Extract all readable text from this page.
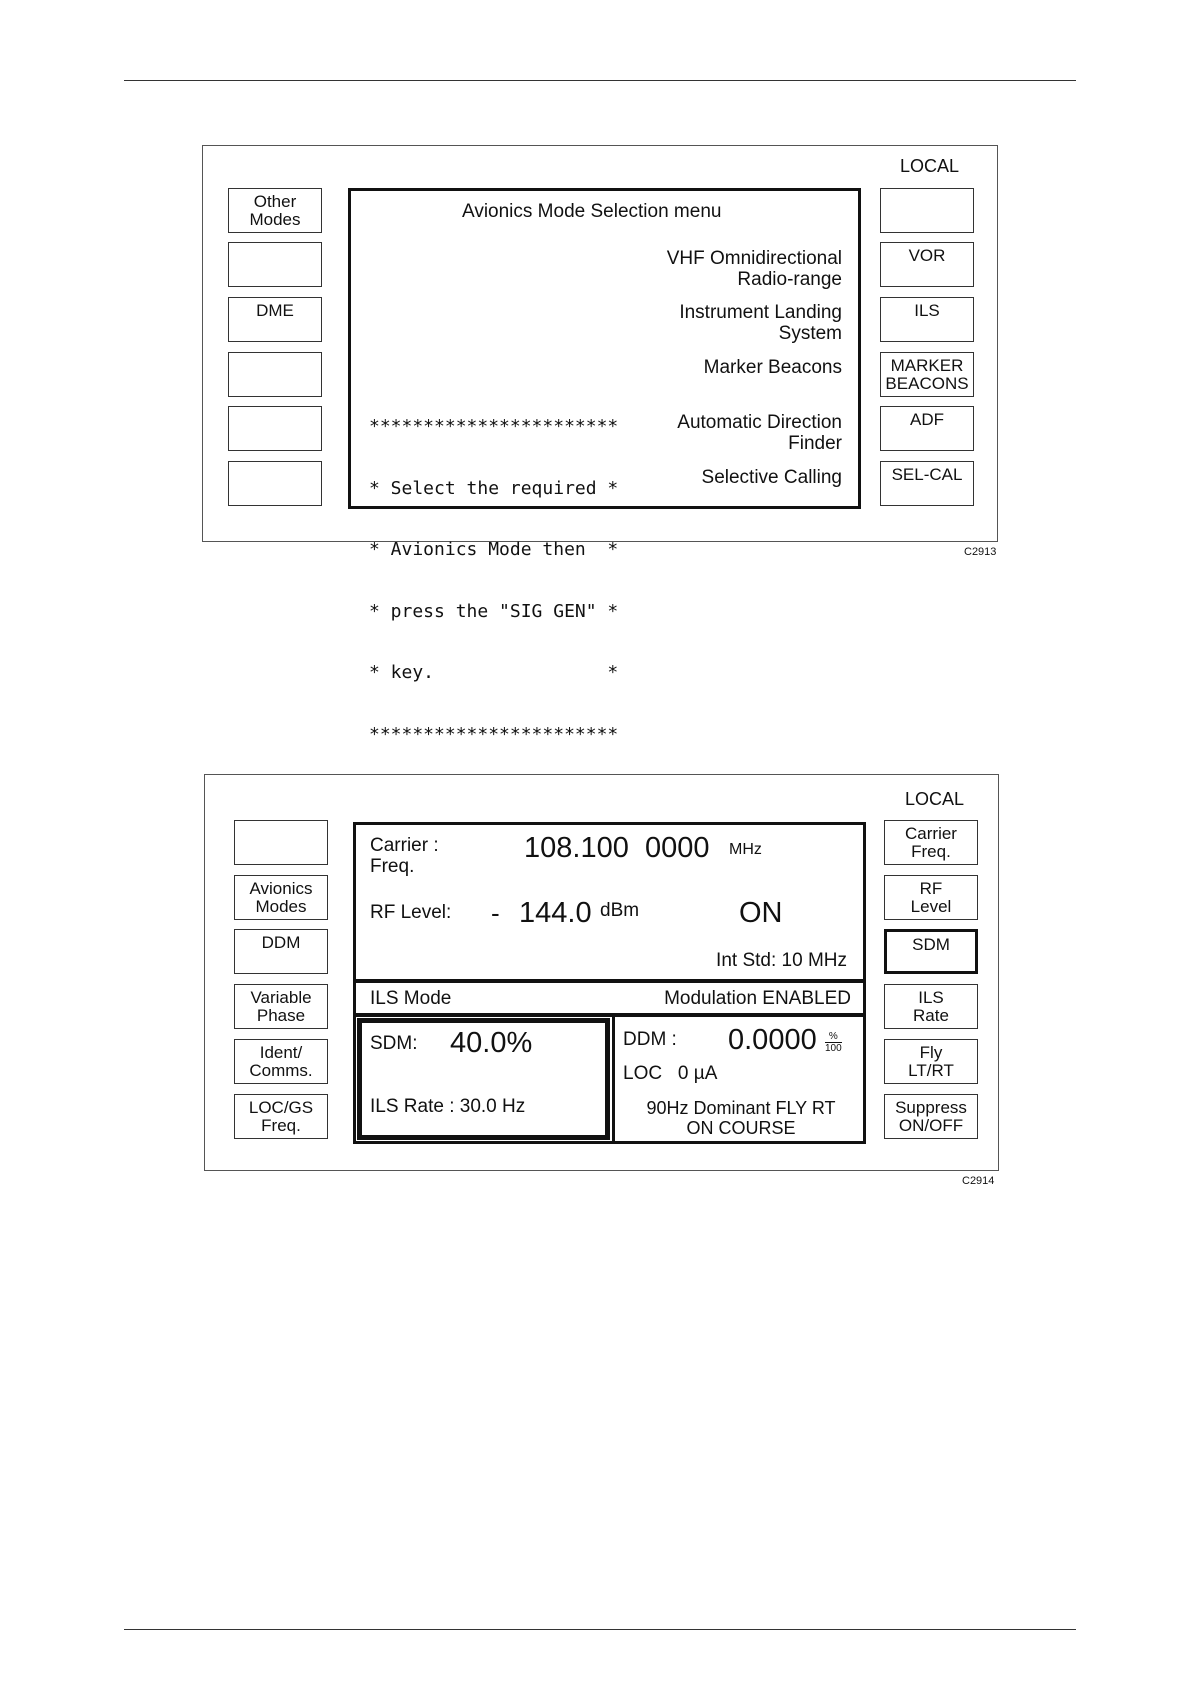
LOCAL
Other
Modes
DME
VOR
ILS
MARKER
BEACONS
ADF
SEL-CAL
Avionics Mode Selection menu
VHF Omnidirectional
Radio-range
Instrument Landing
System
Marker Beacons
Automatic Direction
Finder
Selective Calling

***********************

* Select the required *

* Avionics Mode then  *

* press the "SIG GEN" *

* key.                *

***********************

C2913
LOCAL
Avionics
Modes
DDM
Variable
Phase
Ident/
Comms.
LOC/GS
Freq.
Carrier
Freq.
RF
Level
SDM
ILS
Rate
Fly
LT/RT
Suppress
ON/OFF
Carrier :
Freq.
108.100  0000 MHz
RF Level: - 144.0 dBm	ON
Int Std: 10 MHz
ILS Mode	Modulation ENABLED
SDM: 40.0%
ILS Rate : 30.0 Hz
DDM : 0.0000	%
100
LOC   0 µA
90Hz Dominant FLY RT
ON COURSE
C2914
